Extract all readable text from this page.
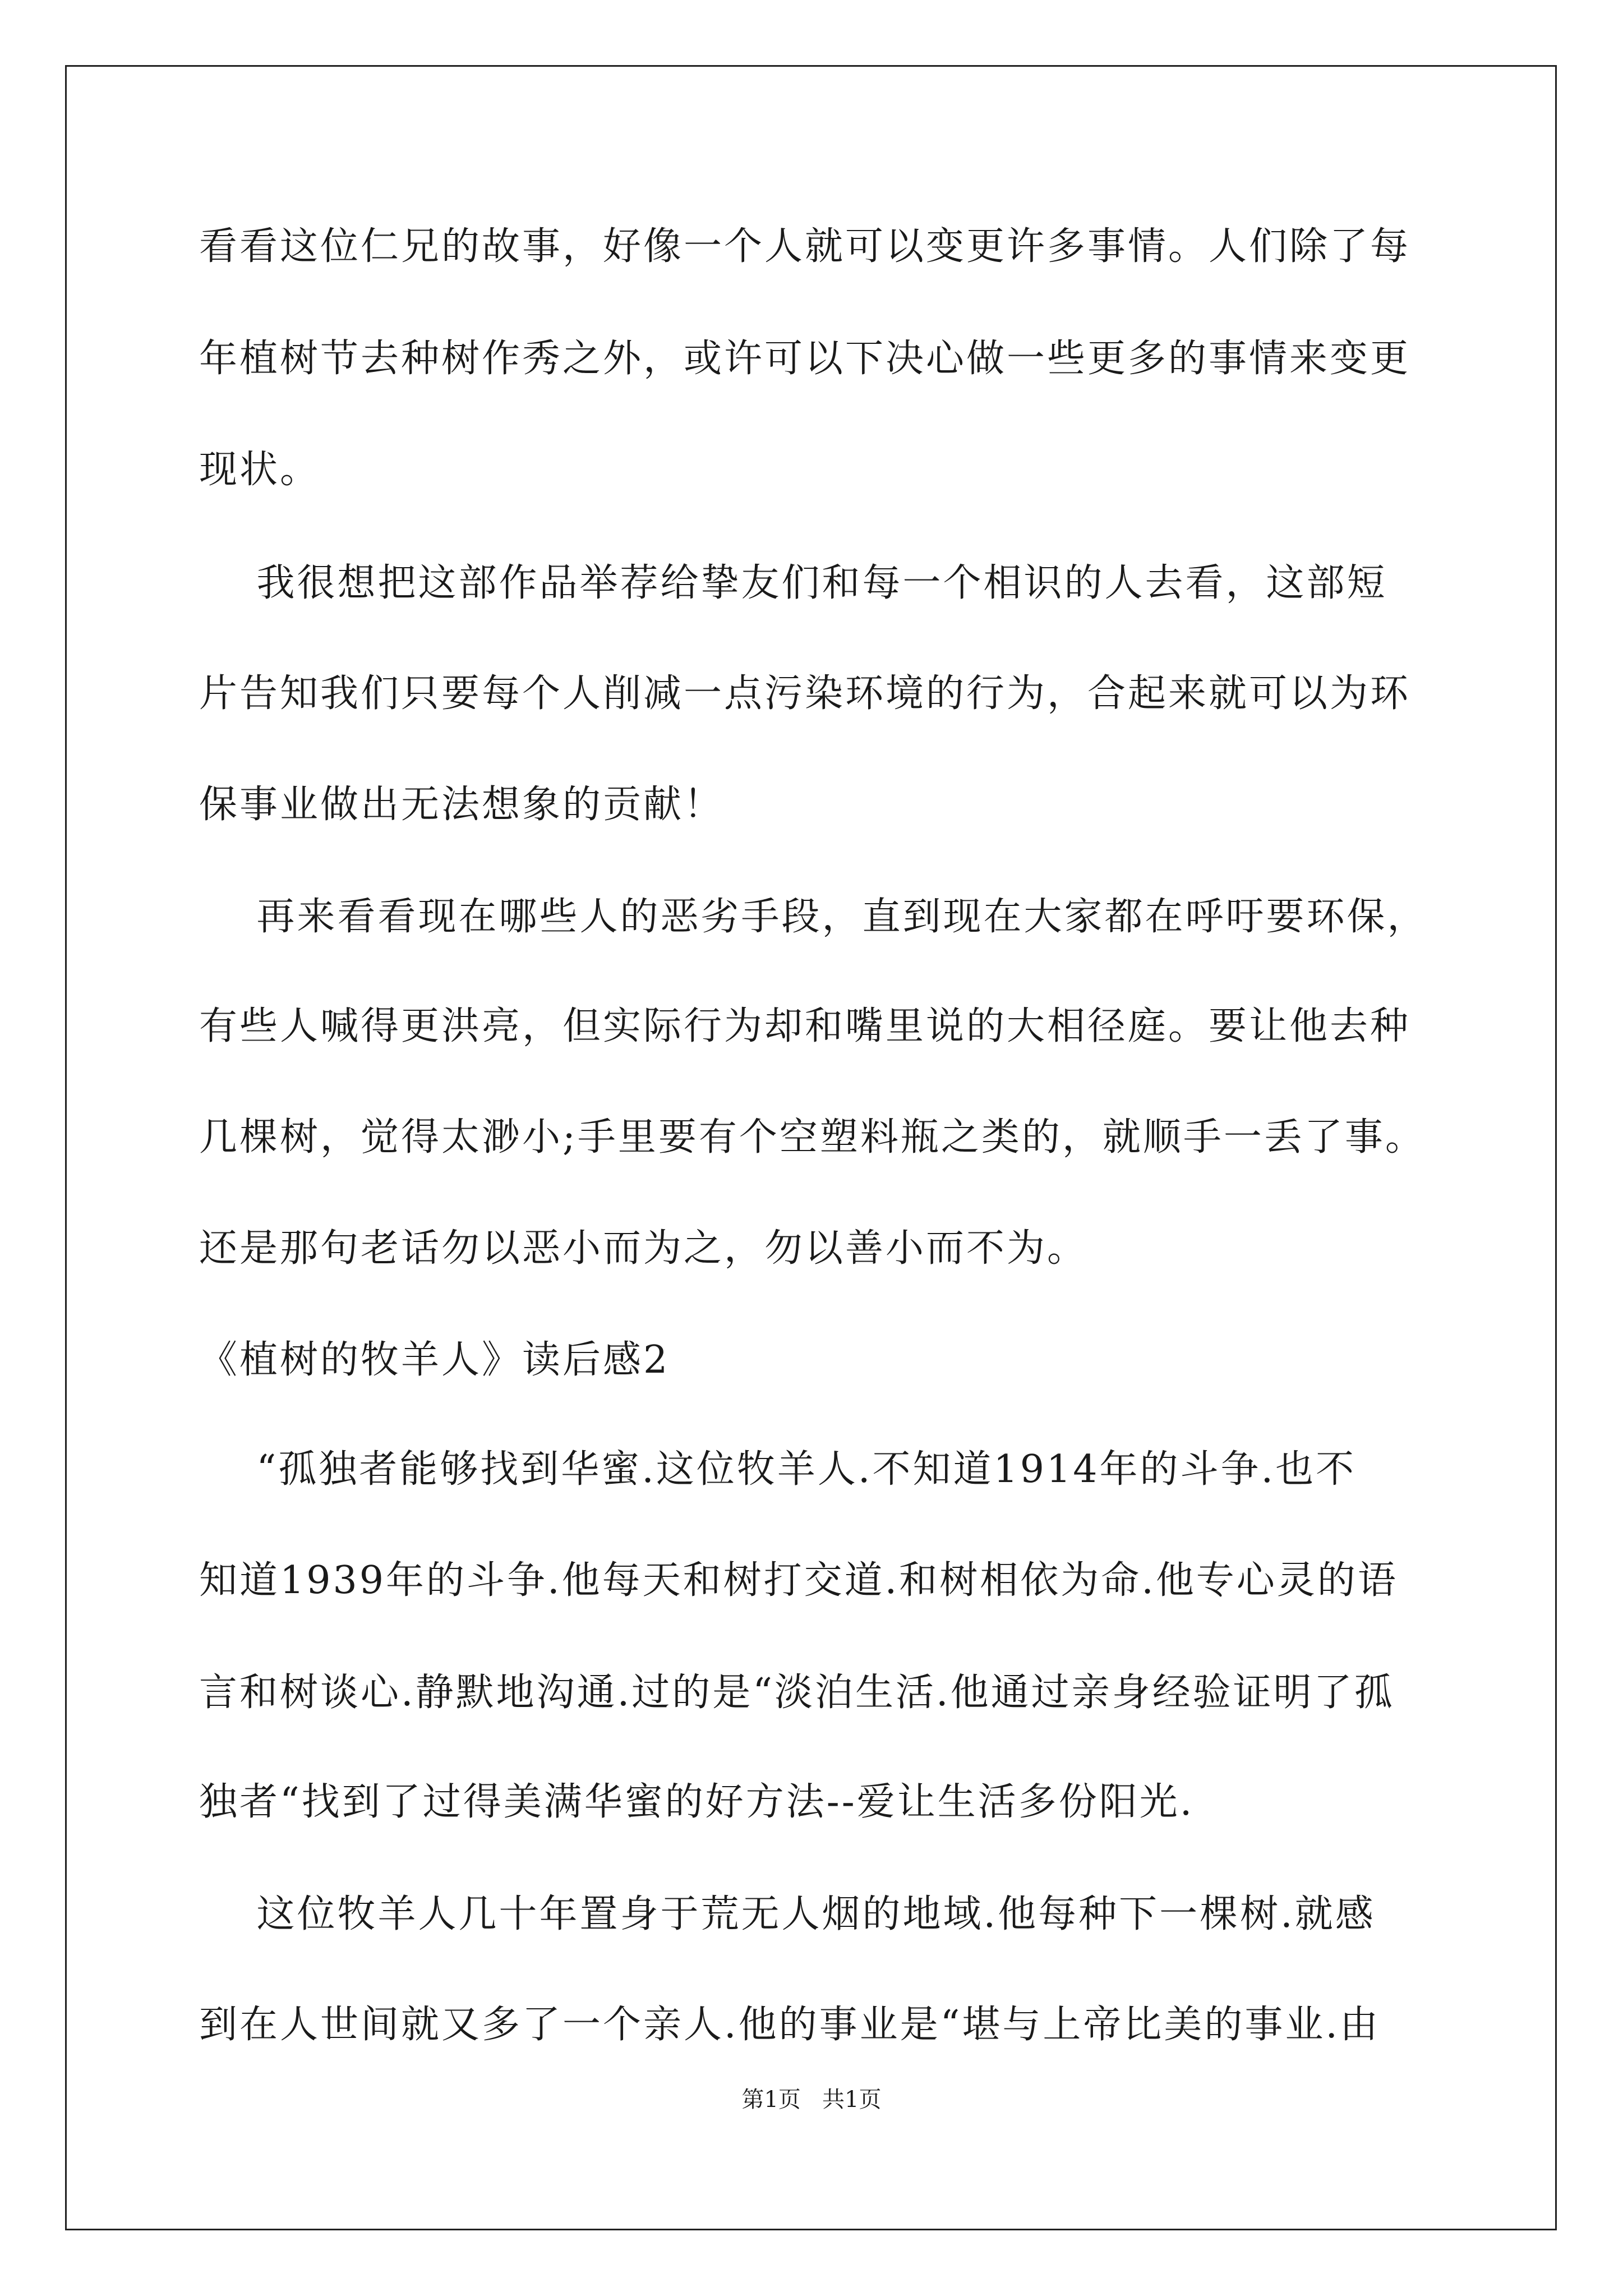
看看这位仁兄的故事，好像一个人就可以变更许多事情。人们除了每
年植树节去种树作秀之外，或许可以下决心做一些更多的事情来变更
现状。
我很想把这部作品举荐给挚友们和每一个相识的人去看，这部短
片告知我们只要每个人削减一点污染环境的行为，合起来就可以为环
保事业做出无法想象的贡献！
再来看看现在哪些人的恶劣手段，直到现在大家都在呼吁要环保，
有些人喊得更洪亮，但实际行为却和嘴里说的大相径庭。要让他去种
几棵树，觉得太渺小;手里要有个空塑料瓶之类的，就顺手一丢了事。
还是那句老话勿以恶小而为之，勿以善小而不为。
《植树的牧羊人》读后感2
“孤独者能够找到华蜜.这位牧羊人.不知道1914年的斗争.也不
知道1939年的斗争.他每天和树打交道.和树相依为命.他专心灵的语
言和树谈心.静默地沟通.过的是“淡泊生活.他通过亲身经验证明了孤
独者“找到了过得美满华蜜的好方法--爱让生活多份阳光.
这位牧羊人几十年置身于荒无人烟的地域.他每种下一棵树.就感
到在人世间就又多了一个亲人.他的事业是“堪与上帝比美的事业.由
第1页   共1页
